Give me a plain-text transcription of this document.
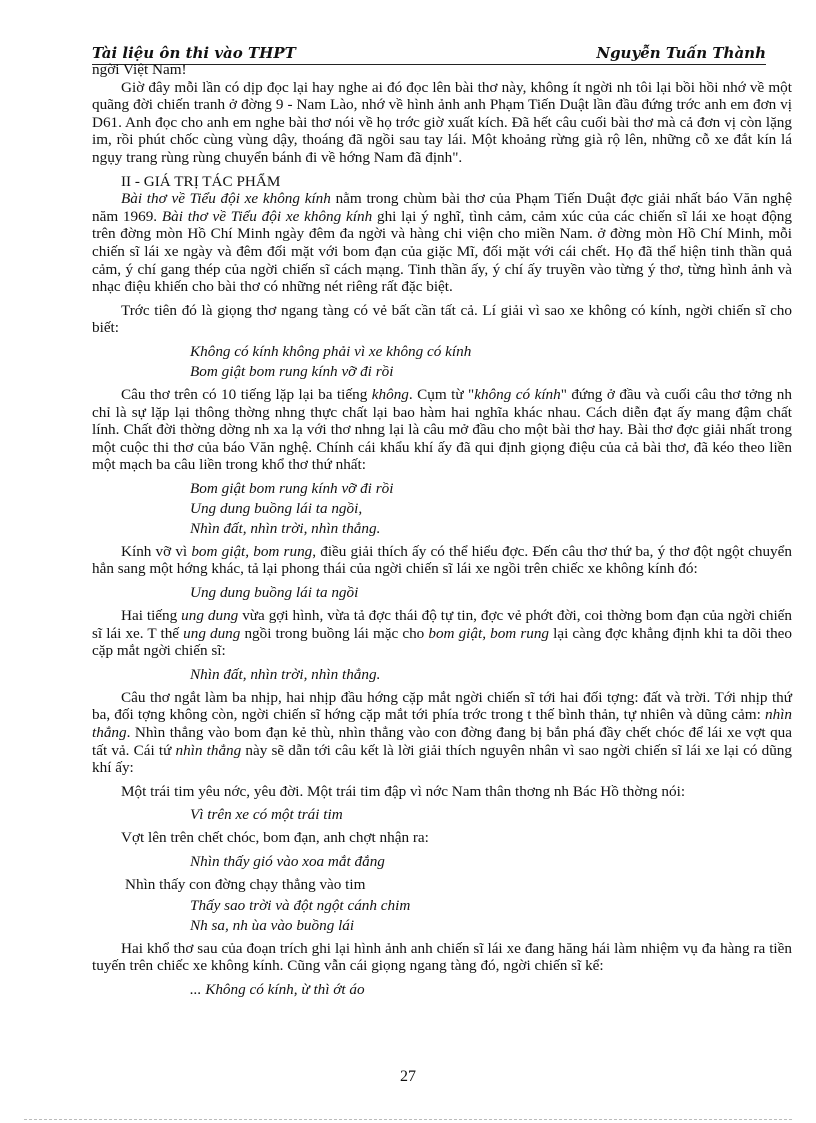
Tài liệu ôn thi vào THPT	Nguyễn Tuấn Thành

ngời Việt Nam!

Giờ đây mỗi lần có dịp đọc lại hay nghe ai đó đọc lên bài thơ này, không ít ngời nh tôi lại bồi hồi nhớ về một quãng đời chiến tranh ở đờng 9 - Nam Lào, nhớ về hình ảnh anh Phạm Tiến Duật lần đầu đứng trớc anh em đơn vị D61. Anh đọc cho anh em nghe bài thơ nói về họ trớc giờ xuất kích. Đã hết câu cuối bài thơ mà cả đơn vị còn lặng im, rồi phút chốc cùng vùng dậy, thoáng đã ngồi sau tay lái. Một khoảng rừng già rộ lên, những cỗ xe đắt kín lá ngụy trang rùng rùng chuyển bánh đi về hớng Nam đã định".

II - GIÁ TRỊ TÁC PHẨM

Bài thơ về Tiểu đội xe không kính nằm trong chùm bài thơ của Phạm Tiến Duật đợc giải nhất báo Văn nghệ năm 1969. Bài thơ về Tiểu đội xe không kính ghi lại ý nghĩ, tình cảm, cảm xúc của các chiến sĩ lái xe hoạt động trên đờng mòn Hồ Chí Minh ngày đêm đa ngời và hàng chi viện cho miền Nam. ở đờng mòn Hồ Chí Minh, mỗi chiến sĩ lái xe ngày và đêm đối mặt với bom đạn của giặc Mĩ, đối mặt với cái chết. Họ đã thể hiện tinh thần quả cảm, ý chí gang thép của ngời chiến sĩ cách mạng. Tinh thần ấy, ý chí ấy truyền vào từng ý thơ, từng hình ảnh và nhạc điệu khiến cho bài thơ có những nét riêng rất đặc biệt.

Trớc tiên đó là giọng thơ ngang tàng có vẻ bất cần tất cả. Lí giải vì sao xe không có kính, ngời chiến sĩ cho biết:

Không có kính không phải vì xe không có kính

Bom giật bom rung kính vỡ đi rồi

Câu thơ trên có 10 tiếng lặp lại ba tiếng không. Cụm từ "không có kính" đứng ở đầu và cuối câu thơ tởng nh chỉ là sự lặp lại thông thờng nhng thực chất lại bao hàm hai nghĩa khác nhau. Cách diễn đạt ấy mang đậm chất lính. Chất đời thờng dờng nh xa lạ với thơ nhng lại là câu mở đầu cho một bài thơ hay. Bài thơ đợc giải nhất trong một cuộc thi thơ của báo Văn nghệ. Chính cái khẩu khí ấy đã qui định giọng điệu của cả bài thơ, đã kéo theo liền một mạch ba câu liền trong khổ thơ thứ nhất:

Bom giật bom rung kính vỡ đi rồi

Ung dung buồng lái ta ngồi,

Nhìn đất, nhìn trời, nhìn thẳng.

Kính vỡ vì bom giật, bom rung, điều giải thích ấy có thể hiểu đợc. Đến câu thơ thứ ba, ý thơ đột ngột chuyển hẳn sang một hớng khác, tả lại phong thái của ngời chiến sĩ lái xe ngồi trên chiếc xe không kính đó:

Ung dung buồng lái ta ngồi

Hai tiếng ung dung vừa gợi hình, vừa tả đợc thái độ tự tin, đợc vẻ phớt đời, coi thờng bom đạn của ngời chiến sĩ lái xe. T thế ung dung ngồi trong buồng lái mặc cho bom giật, bom rung lại càng đợc khẳng định khi ta dõi theo cặp mắt ngời chiến sĩ:

Nhìn đất, nhìn trời, nhìn thẳng.

Câu thơ ngắt làm ba nhịp, hai nhịp đầu hớng cặp mắt ngời chiến sĩ tới hai đối tợng: đất và trời. Tới nhịp thứ ba, đối tợng không còn, ngời chiến sĩ hớng cặp mắt tới phía trớc trong t thế bình thản, tự nhiên và dũng cảm: nhìn thẳng. Nhìn thẳng vào bom đạn kẻ thù, nhìn thẳng vào con đờng đang bị bắn phá đầy chết chóc để lái xe vợt qua tất vả. Cái tứ nhìn thẳng này sẽ dẫn tới câu kết là lời giải thích nguyên nhân vì sao ngời chiến sĩ lái xe lại có dũng khí ấy:

Một trái tim yêu nớc, yêu đời. Một trái tim đập vì nớc Nam thân thơng nh Bác Hồ thờng nói:

Vì trên xe có một trái tim

Vợt lên trên chết chóc, bom đạn, anh chợt nhận ra:

Nhìn thấy gió vào xoa mắt đắng

Nhìn thấy con đờng chạy thẳng vào tim

Thấy sao trời và đột ngột cánh chim

Nh sa, nh ùa vào buồng lái

Hai khổ thơ sau của đoạn trích ghi lại hình ảnh anh chiến sĩ lái xe đang hăng hái làm nhiệm vụ đa hàng ra tiền tuyến trên chiếc xe không kính. Cũng vẫn cái giọng ngang tàng đó, ngời chiến sĩ kể:

... Không có kính, ừ thì ớt áo

27
